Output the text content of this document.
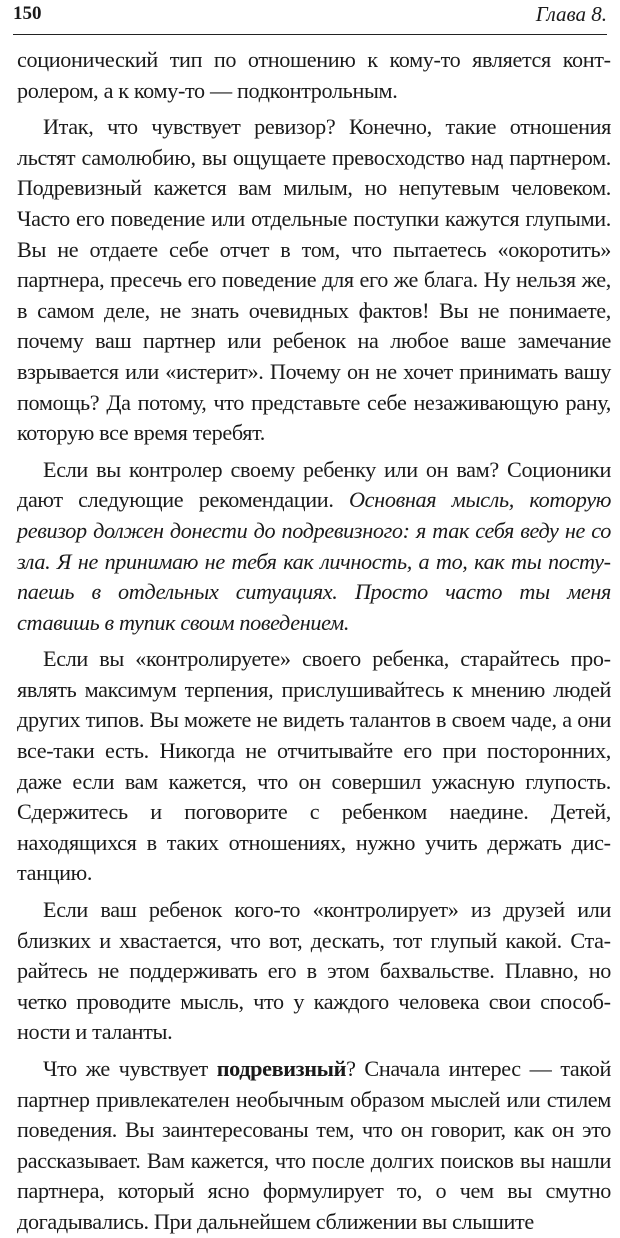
150	Глава 8.

соционический тип по отношению к кому-то является контролером, а к кому-то — подконтрольным.

Итак, что чувствует ревизор? Конечно, такие отношения льстят самолюбию, вы ощущаете превосходство над партнером. Подревизный кажется вам милым, но непутевым человеком. Часто его поведение или отдельные поступки кажутся глупыми. Вы не отдаете себе отчет в том, что пытаетесь «окоротить» партнера, пресечь его поведение для его же блага. Ну нельзя же, в самом деле, не знать очевидных фактов! Вы не понимаете, почему ваш партнер или ребенок на любое ваше замечание взрывается или «истерит». Почему он не хочет принимать вашу помощь? Да потому, что представьте себе незаживающую рану, которую все время теребят.

Если вы контролер своему ребенку или он вам? Соционики дают следующие рекомендации. Основная мысль, которую ревизор должен донести до подревизного: я так себя веду не со зла. Я не принимаю не тебя как личность, а то, как ты поступаешь в отдельных ситуациях. Просто часто ты меня ставишь в тупик своим поведением.

Если вы «контролируете» своего ребенка, старайтесь проявлять максимум терпения, прислушивайтесь к мнению людей других типов. Вы можете не видеть талантов в своем чаде, а они все-таки есть. Никогда не отчитывайте его при посторонних, даже если вам кажется, что он совершил ужасную глупость. Сдержитесь и поговорите с ребенком наедине. Детей, находящихся в таких отношениях, нужно учить держать дистанцию.

Если ваш ребенок кого-то «контролирует» из друзей или близких и хвастается, что вот, дескать, тот глупый какой. Старайтесь не поддерживать его в этом бахвальстве. Плавно, но четко проводите мысль, что у каждого человека свои способности и таланты.

Что же чувствует подревизный? Сначала интерес — такой партнер привлекателен необычным образом мыслей или стилем поведения. Вы заинтересованы тем, что он говорит, как он это рассказывает. Вам кажется, что после долгих поисков вы нашли партнера, который ясно формулирует то, о чем вы смутно догадывались. При дальнейшем сближении вы слышите
